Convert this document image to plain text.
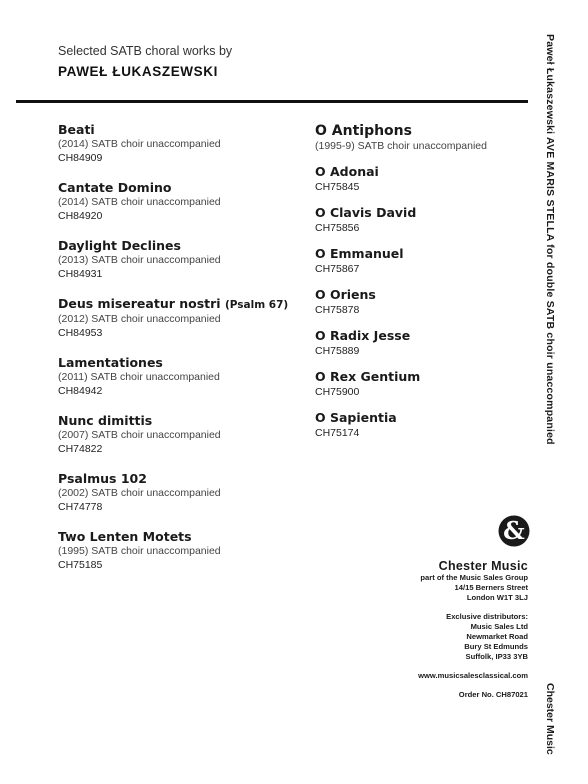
Selected SATB choral works by
PAWEŁ ŁUKASZEWSKI
Beati
(2014) SATB choir unaccompanied
CH84909
Cantate Domino
(2014) SATB choir unaccompanied
CH84920
Daylight Declines
(2013) SATB choir unaccompanied
CH84931
Deus misereatur nostri (Psalm 67)
(2012) SATB choir unaccompanied
CH84953
Lamentationes
(2011) SATB choir unaccompanied
CH84942
Nunc dimittis
(2007) SATB choir unaccompanied
CH74822
Psalmus 102
(2002) SATB choir unaccompanied
CH74778
Two Lenten Motets
(1995) SATB choir unaccompanied
CH75185
O Antiphons
(1995-9) SATB choir unaccompanied
O Adonai
CH75845
O Clavis David
CH75856
O Emmanuel
CH75867
O Oriens
CH75878
O Radix Jesse
CH75889
O Rex Gentium
CH75900
O Sapientia
CH75174	Paweł Łukaszewski AVE MARIS STELLA for double SATB choir unaccompanied
Chester Music
&
Chester Music
part of the Music Sales Group
14/15 Berners Street
London W1T 3LJ
Exclusive distributors:
Music Sales Ltd
Newmarket Road
Bury St Edmunds
Suffolk, IP33 3YB
www.musicsalesclassical.com
Order No. CH87021
